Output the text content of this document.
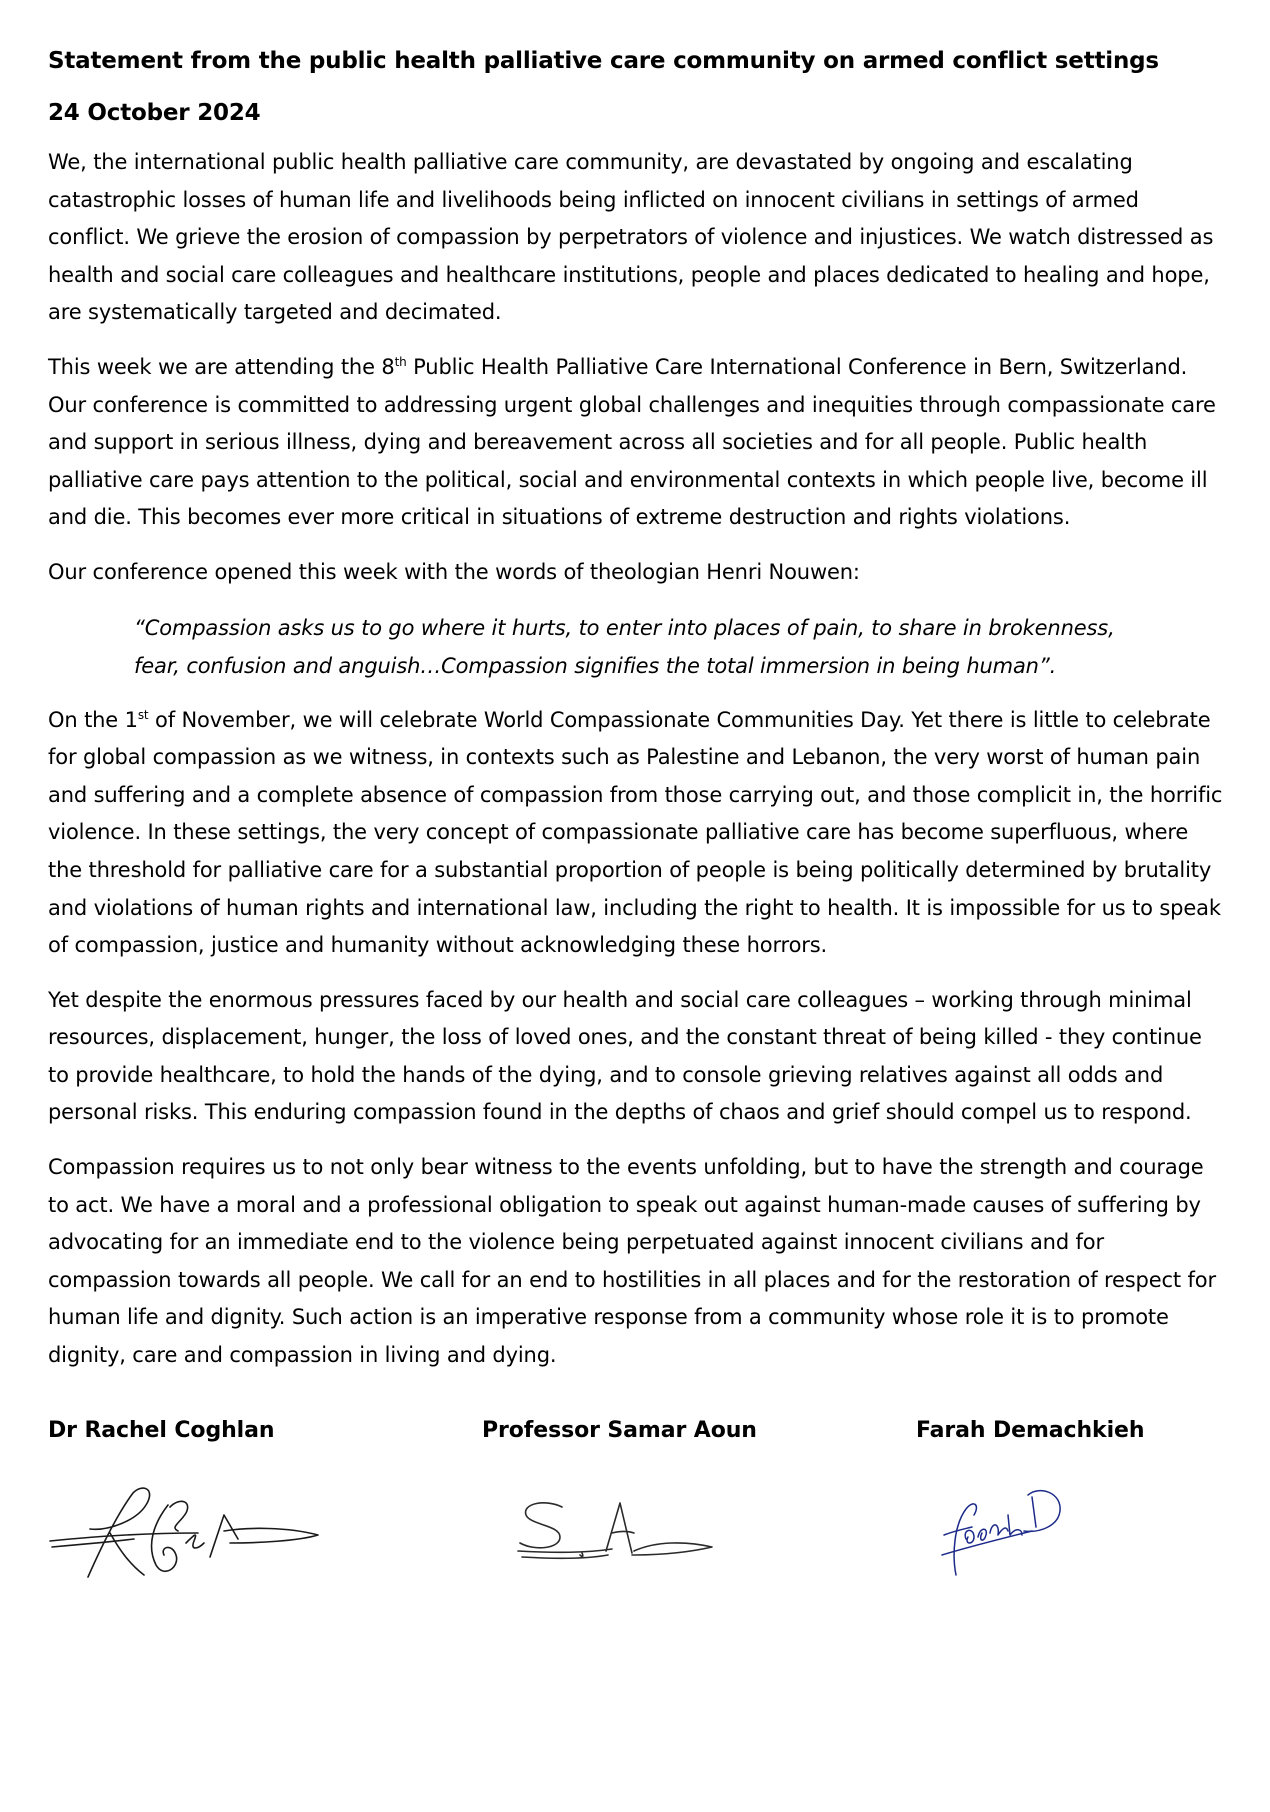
Statement from the public health palliative care community on armed conflict settings
24 October 2024

We, the international public health palliative care community, are devastated by ongoing and escalating catastrophic losses of human life and livelihoods being inflicted on innocent civilians in settings of armed conflict. We grieve the erosion of compassion by perpetrators of violence and injustices. We watch distressed as health and social care colleagues and healthcare institutions, people and places dedicated to healing and hope, are systematically targeted and decimated.

This week we are attending the 8th Public Health Palliative Care International Conference in Bern, Switzerland. Our conference is committed to addressing urgent global challenges and inequities through compassionate care and support in serious illness, dying and bereavement across all societies and for all people. Public health palliative care pays attention to the political, social and environmental contexts in which people live, become ill and die. This becomes ever more critical in situations of extreme destruction and rights violations.

Our conference opened this week with the words of theologian Henri Nouwen:

“Compassion asks us to go where it hurts, to enter into places of pain, to share in brokenness, fear, confusion and anguish…Compassion signifies the total immersion in being human”.

On the 1st of November, we will celebrate World Compassionate Communities Day. Yet there is little to celebrate for global compassion as we witness, in contexts such as Palestine and Lebanon, the very worst of human pain and suffering and a complete absence of compassion from those carrying out, and those complicit in, the horrific violence. In these settings, the very concept of compassionate palliative care has become superfluous, where the threshold for palliative care for a substantial proportion of people is being politically determined by brutality and violations of human rights and international law, including the right to health. It is impossible for us to speak of compassion, justice and humanity without acknowledging these horrors.

Yet despite the enormous pressures faced by our health and social care colleagues – working through minimal resources, displacement, hunger, the loss of loved ones, and the constant threat of being killed - they continue to provide healthcare, to hold the hands of the dying, and to console grieving relatives against all odds and personal risks. This enduring compassion found in the depths of chaos and grief should compel us to respond.

Compassion requires us to not only bear witness to the events unfolding, but to have the strength and courage to act. We have a moral and a professional obligation to speak out against human-made causes of suffering by advocating for an immediate end to the violence being perpetuated against innocent civilians and for compassion towards all people. We call for an end to hostilities in all places and for the restoration of respect for human life and dignity. Such action is an imperative response from a community whose role it is to promote dignity, care and compassion in living and dying.

Dr Rachel Coghlan	Professor Samar Aoun	Farah Demachkieh
